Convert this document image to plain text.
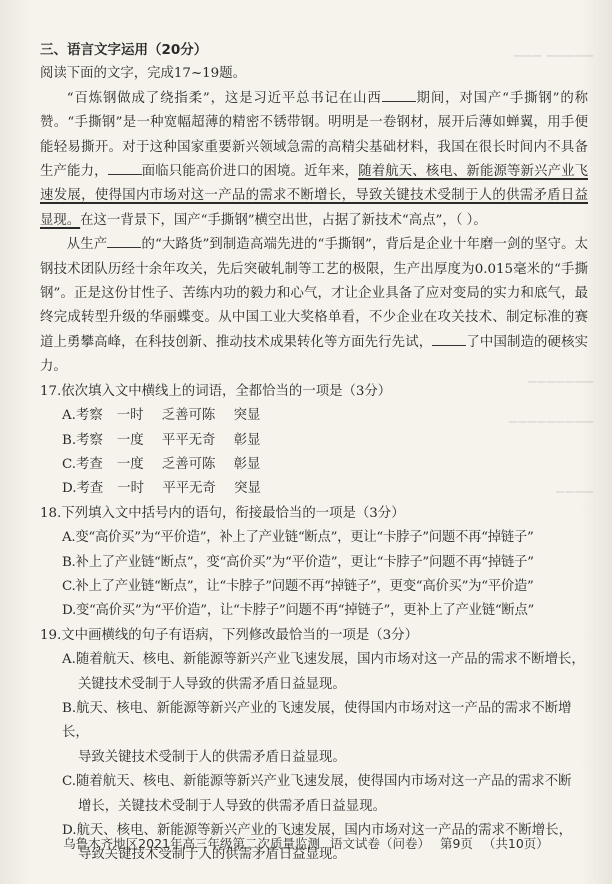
▁▁▁ ▁▁▁▁▁
▁▁▁▁▁▁▁
▁▁▁▁▁▁▁▁▁
▁▁▁▁

三、语言文字运用（20分）

阅读下面的文字，完成17~19题。

“百炼钢做成了绕指柔”，这是习近平总书记在山西	期间，对国产“手撕钢”的称赞。“手撕钢”是一种宽幅超薄的精密不锈带钢。明明是一卷钢材，展开后薄如蝉翼，用手便能轻易撕开。对于这种国家重要新兴领域急需的高精尖基础材料，我国在很长时间内不具备生产能力，	面临只能高价进口的困境。近年来，随着航天、核电、新能源等新兴产业飞速发展，使得国内市场对这一产品的需求不断增长，导致关键技术受制于人的供需矛盾日益显现。在这一背景下，国产“手撕钢”横空出世，占据了新技术“高点”，（ ）。

从生产	的“大路货”到制造高端先进的“手撕钢”，背后是企业十年磨一剑的坚守。太钢技术团队历经十余年攻关，先后突破轧制等工艺的极限，生产出厚度为0.015毫米的“手撕钢”。正是这份甘性子、苦练内功的毅力和心气，才让企业具备了应对变局的实力和底气，最终完成转型升级的华丽蝶变。从中国工业大奖格单看，不少企业在攻关技术、制定标准的赛道上勇攀高峰，在科技创新、推动技术成果转化等方面先行先试，	了中国制造的硬核实力。

17.依次填入文中横线上的词语，全都恰当的一项是（3分）

A.考察 一时 乏善可陈 突显

B.考察 一度 平平无奇 彰显

C.考查 一度 乏善可陈 彰显

D.考查 一时 平平无奇 突显

18.下列填入文中括号内的语句，衔接最恰当的一项是（3分）

A.变“高价买”为“平价造”，补上了产业链“断点”，更让“卡脖子”问题不再“掉链子”

B.补上了产业链“断点”，变“高价买”为“平价造”，更让“卡脖子”问题不再“掉链子”

C.补上了产业链“断点”，让“卡脖子”问题不再“掉链子”，更变“高价买”为“平价造”

D.变“高价买”为“平价造”，让“卡脖子”问题不再“掉链子”，更补上了产业链“断点”

19.文中画横线的句子有语病，下列修改最恰当的一项是（3分）

A.随着航天、核电、新能源等新兴产业飞速发展，国内市场对这一产品的需求不断增长，

关键技术受制于人导致的供需矛盾日益显现。

B.航天、核电、新能源等新兴产业的飞速发展，使得国内市场对这一产品的需求不断增长，

导致关键技术受制于人的供需矛盾日益显现。

C.随着航天、核电、新能源等新兴产业飞速发展，使得国内市场对这一产品的需求不断

增长，关键技术受制于人导致的供需矛盾日益显现。

D.航天、核电、新能源等新兴产业的飞速发展，国内市场对这一产品的需求不断增长，

导致关键技术受制于人的供需矛盾日益显现。

乌鲁木齐地区2021年高三年级第二次质量监测 语文试卷（问卷） 第9页 （共10页）
